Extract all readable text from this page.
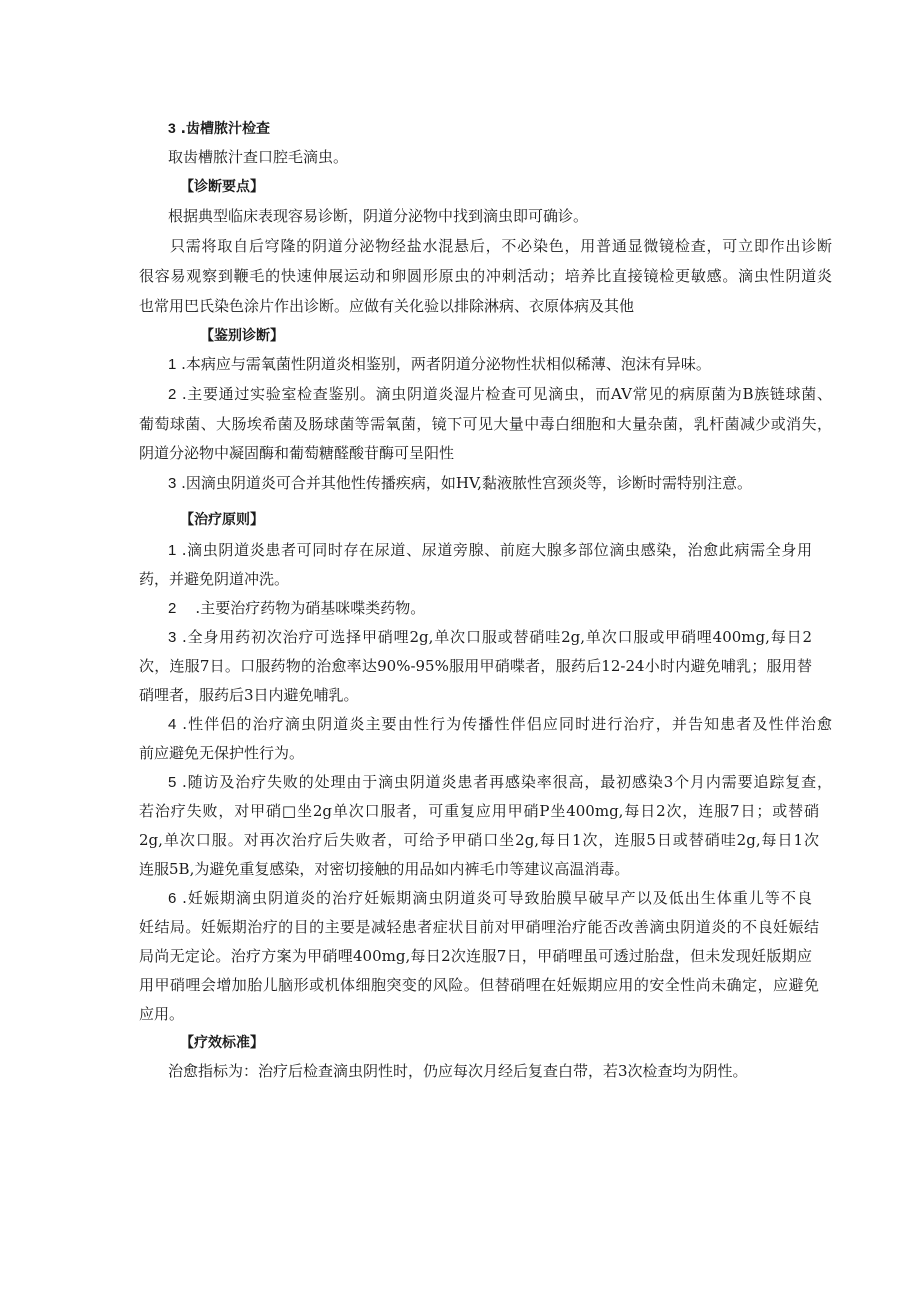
3 .齿槽脓汁检查
取齿槽脓汁查口腔毛滴虫。
【诊断要点】
根据典型临床表现容易诊断，阴道分泌物中找到滴虫即可确诊。
只需将取自后穹隆的阴道分泌物经盐水混悬后，不必染色，用普通显微镜检查，可立即作出诊断
很容易观察到鞭毛的快速伸展运动和卵圆形原虫的冲刺活动；培养比直接镜检更敏感。滴虫性阴道炎
也常用巴氏染色涂片作出诊断。应做有关化验以排除淋病、衣原体病及其他
【鉴别诊断】
1 .本病应与需氧菌性阴道炎相鉴别，两者阴道分泌物性状相似稀薄、泡沫有异味。
2 .主要通过实验室检查鉴别。滴虫阴道炎湿片检查可见滴虫，而AV常见的病原菌为B族链球菌、
葡萄球菌、大肠埃希菌及肠球菌等需氧菌，镜下可见大量中毒白细胞和大量杂菌，乳杆菌减少或消失，
阴道分泌物中凝固酶和葡萄糖醛酸苷酶可呈阳性
3 .因滴虫阴道炎可合并其他性传播疾病，如HV,黏液脓性宫颈炎等，诊断时需特别注意。
【治疗原则】
1 .滴虫阴道炎患者可同时存在尿道、尿道旁腺、前庭大腺多部位滴虫感染，治愈此病需全身用
药，并避免阴道冲洗。
2 .主要治疗药物为硝基咪喋类药物。
3 .全身用药初次治疗可选择甲硝哩2g,单次口服或替硝哇2g,单次口服或甲硝哩400mg,每日2
次，连服7日。口服药物的治愈率达90%-95%服用甲硝喋者，服药后12-24小时内避免哺乳；服用替
硝哩者，服药后3日内避免哺乳。
4 .性伴侣的治疗滴虫阴道炎主要由性行为传播性伴侣应同时进行治疗，并告知患者及性伴治愈
前应避免无保护性行为。
5 .随访及治疗失败的处理由于滴虫阴道炎患者再感染率很高，最初感染3个月内需要追踪复查，
若治疗失败，对甲硝□坐2g单次口服者，可重复应用甲硝P坐400mg,每日2次，连服7日；或替硝
2g,单次口服。对再次治疗后失败者，可给予甲硝口坐2g,每日1次，连服5日或替硝哇2g,每日1次
连服5B,为避免重复感染，对密切接触的用品如内裤毛巾等建议高温消毒。
6 .妊娠期滴虫阴道炎的治疗妊娠期滴虫阴道炎可导致胎膜早破早产以及低出生体重儿等不良
妊结局。妊娠期治疗的目的主要是减轻患者症状目前对甲硝哩治疗能否改善滴虫阴道炎的不良妊娠结
局尚无定论。治疗方案为甲硝哩400mg,每日2次连服7日，甲硝哩虽可透过胎盘，但未发现妊版期应
用甲硝哩会增加胎儿脑形或机体细胞突变的风险。但替硝哩在妊娠期应用的安全性尚未确定，应避免
应用。
【疗效标准】
治愈指标为：治疗后检查滴虫阴性时，仍应每次月经后复查白带，若3次检查均为阴性。
